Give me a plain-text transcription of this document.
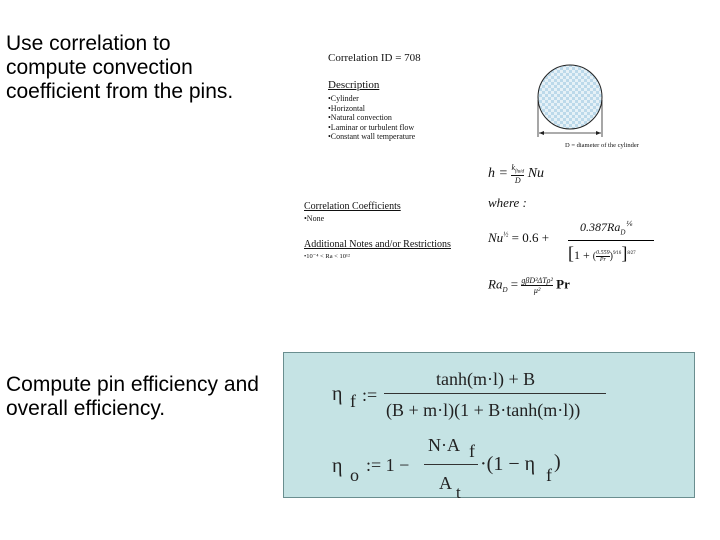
Use correlation to compute convection coefficient from the pins.
Compute pin efficiency and overall efficiency.
Correlation ID = 708
Description
•Cylinder
•Horizontal
•Natural convection
•Laminar or turbulent flow
•Constant wall temperature
D = diameter of the cylinder
Correlation Coefficients
•None
Additional Notes and/or Restrictions
•10⁻⁴ < Ra < 10¹²
$h = \frac{k_{fluid}}{D}$ Nu
where :
$Nu^{\frac{1}{2}} = 0.6$ +
$0.387Ra_D^{\frac{1}{6}}$
[1 + ( $\frac{0.559}{Pr} )^{9⁄16}]^{8⁄27}$
$Ra_D = \frac{\text{gβD³ΔTρ²}}{\text{μ²}}$ Pr
η f :=
tanh(m·l) + B
(B + m·l)(1 + B·tanh(m·l))
η o := 1 −
N·A f
A t
·(1 − η f
)
